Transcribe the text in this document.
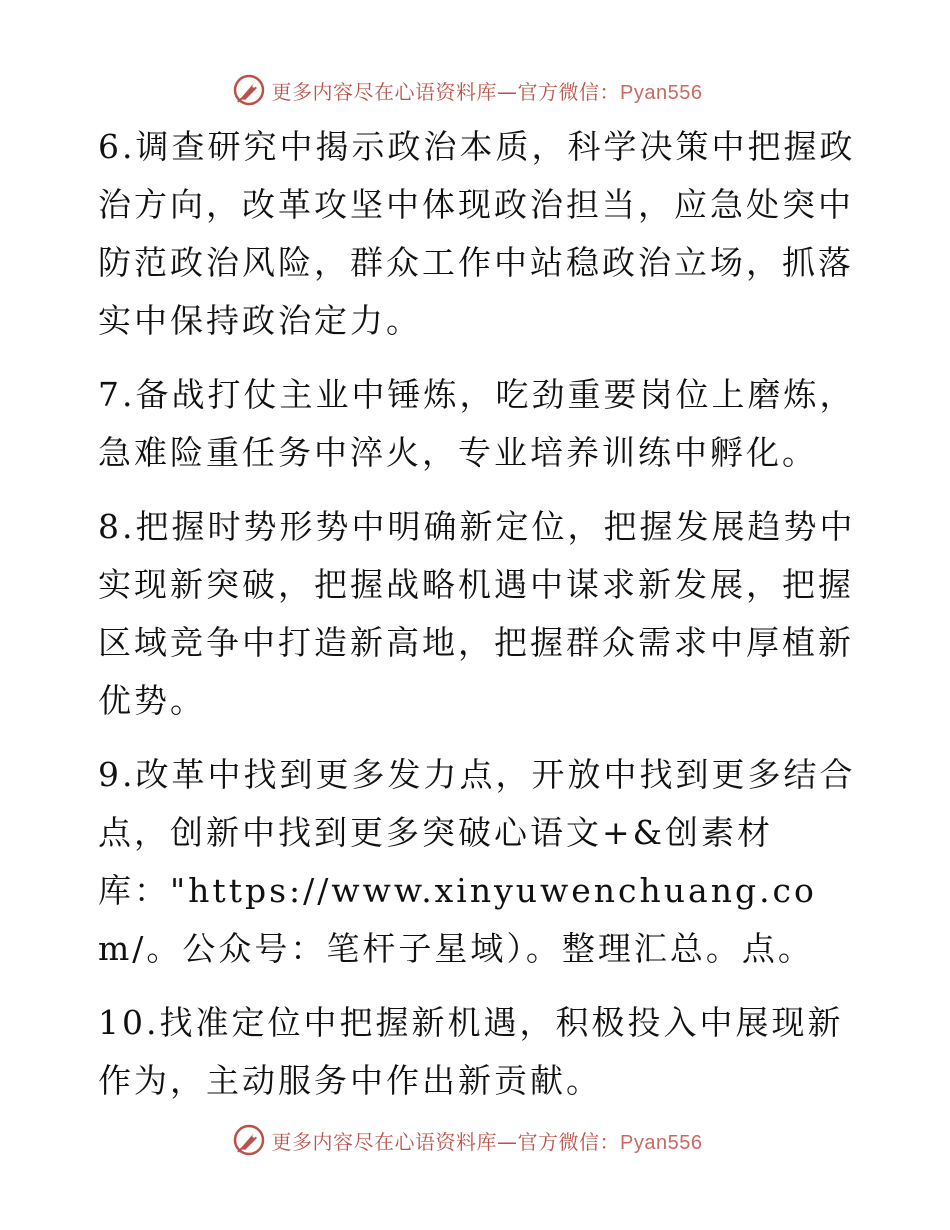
更多内容尽在心语资料库—官方微信：Pyan556

6.调查研究中揭示政治本质，科学决策中把握政治方向，改革攻坚中体现政治担当，应急处突中防范政治风险，群众工作中站稳政治立场，抓落实中保持政治定力。

7.备战打仗主业中锤炼，吃劲重要岗位上磨炼，急难险重任务中淬火，专业培养训练中孵化。

8.把握时势形势中明确新定位，把握发展趋势中实现新突破，把握战略机遇中谋求新发展，把握区域竞争中打造新高地，把握群众需求中厚植新优势。

9.改革中找到更多发力点，开放中找到更多结合点，创新中找到更多突破心语文+&创素材库："https://www.xinyuwenchuang.com/。公众号：笔杆子星域）。整理汇总。点。

10.找准定位中把握新机遇，积极投入中展现新作为，主动服务中作出新贡献。

更多内容尽在心语资料库—官方微信：Pyan556
